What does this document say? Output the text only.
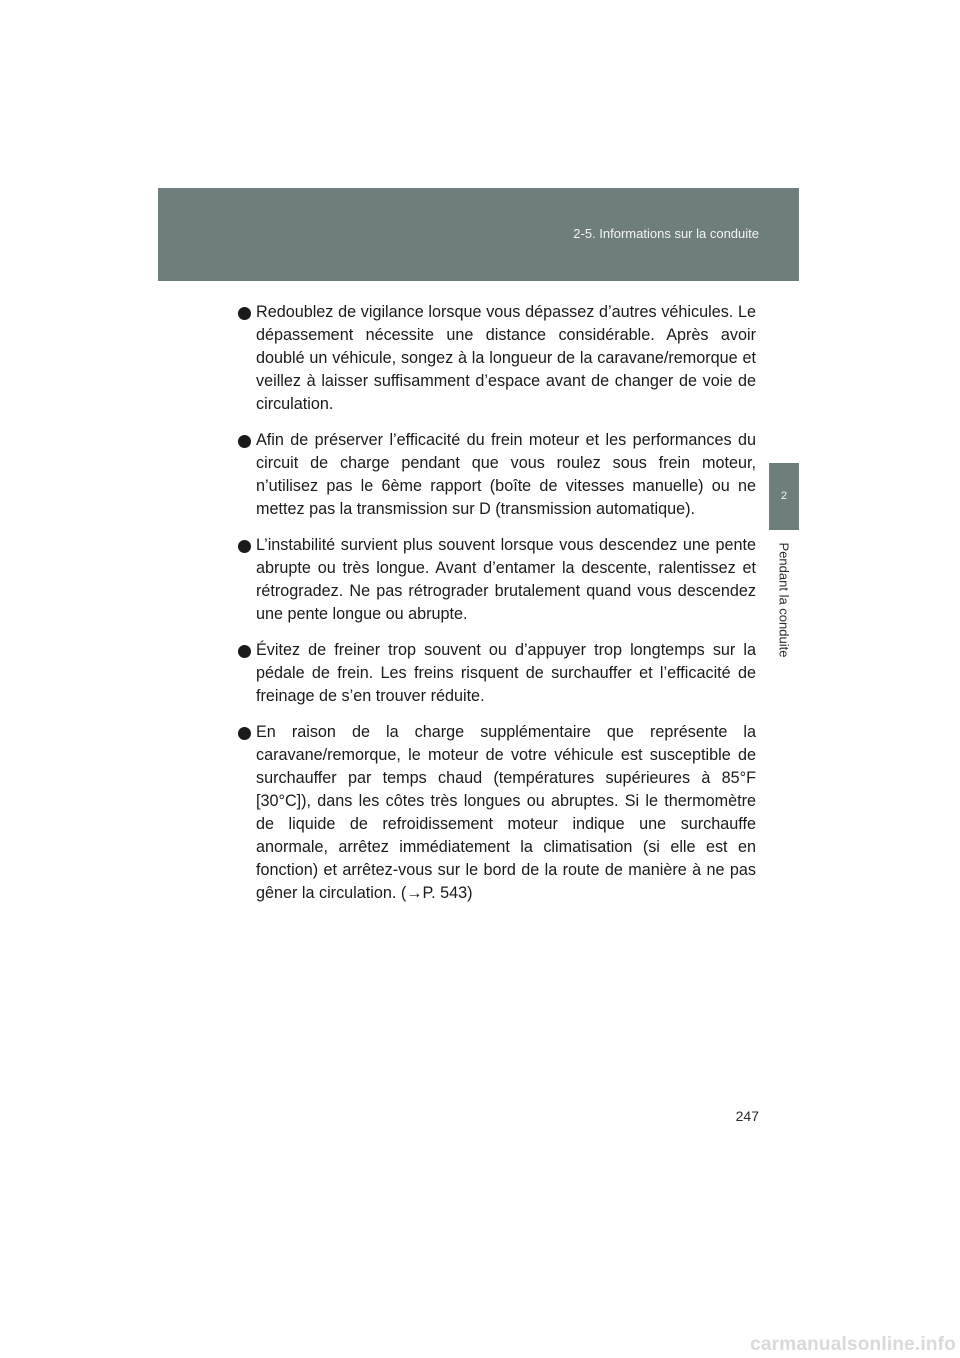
2-5. Informations sur la conduite
2
Pendant la conduite
Redoublez de vigilance lorsque vous dépassez d’autres véhicules. Le dépassement nécessite une distance considérable. Après avoir doublé un véhicule, songez à la longueur de la caravane/remorque et veillez à laisser suffisamment d’espace avant de changer de voie de circulation.
Afin de préserver l’efficacité du frein moteur et les performances du circuit de charge pendant que vous roulez sous frein moteur, n’utilisez pas le 6ème rapport (boîte de vitesses manuelle) ou ne mettez pas la transmission sur D (transmission automatique).
L’instabilité survient plus souvent lorsque vous descendez une pente abrupte ou très longue. Avant d’entamer la descente, ralentissez et rétrogradez. Ne pas rétrograder brutalement quand vous descendez une pente longue ou abrupte.
Évitez de freiner trop souvent ou d’appuyer trop longtemps sur la pédale de frein. Les freins risquent de surchauffer et l’efficacité de freinage de s’en trouver réduite.
En raison de la charge supplémentaire que représente la caravane/remorque, le moteur de votre véhicule est susceptible de surchauffer par temps chaud (températures supérieures à 85°F [30°C]), dans les côtes très longues ou abruptes. Si le thermomètre de liquide de refroidissement moteur indique une surchauffe anormale, arrêtez immédiatement la climatisation (si elle est en fonction) et arrêtez-vous sur le bord de la route de manière à ne pas gêner la circulation. (→P. 543)
247
carmanualsonline.info
